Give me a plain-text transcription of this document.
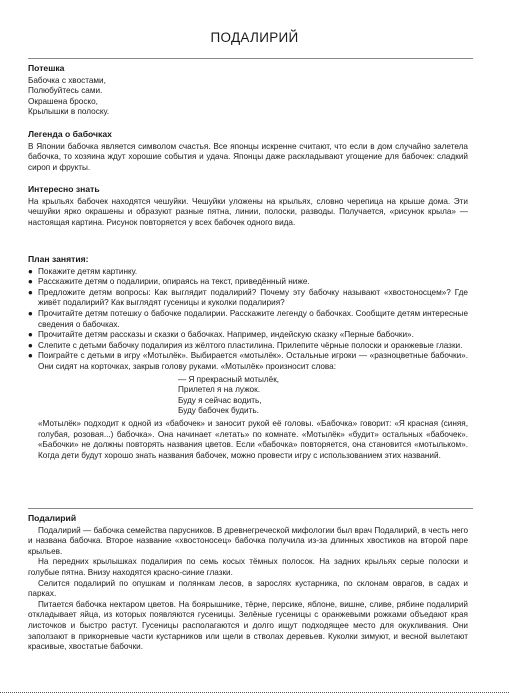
ПОДАЛИРИЙ
Потешка
Бабочка с хвостами,
Полюбуйтесь сами.
Окрашена броско,
Крылышки в полоску.
Легенда о бабочках

В Японии бабочка является символом счастья. Все японцы искренне считают, что если в дом случайно залетела бабочка, то хозяина ждут хорошие события и удача. Японцы даже раскладывают угощение для бабочек: сладкий сироп и фрукты.

Интересно знать

На крыльях бабочек находятся чешуйки. Чешуйки уложены на крыльях, словно черепица на крыше дома. Эти чешуйки ярко окрашены и образуют разные пятна, линии, полоски, разводы. Получается, «рисунок крыла» — настоящая картина. Рисунок повторяется у всех бабочек одного вида.

План занятия:
● Покажите детям картинку.
● Расскажите детям о подалирии, опираясь на текст, приведённый ниже.
● Предложите детям вопросы: Как выглядит подалирий? Почему эту бабочку называют «хвостоносцем»? Где живёт подалирий? Как выглядят гусеницы и куколки подалирия?
● Прочитайте детям потешку о бабочке подалирии. Расскажите легенду о бабочках. Сообщите детям интересные сведения о бабочках.
● Прочитайте детям рассказы и сказки о бабочках. Например, индейскую сказку «Перные бабочки».
● Слепите с детьми бабочку подалирия из жёлтого пластилина. Прилепите чёрные полоски и оранжевые глазки.
● Поиграйте с детьми в игру «Мотылёк». Выбирается «мотылёк». Остальные игроки — «разноцветные бабочки». Они сидят на корточках, закрыв голову руками. «Мотылёк» произносит слова:
— Я прекрасный мотылёк,
Прилетел я на лужок.
Буду я сейчас водить,
Буду бабочек будить.
«Мотылёк» подходит к одной из «бабочек» и заносит рукой её головы. «Бабочка» говорит: «Я красная (синяя, голубая, розовая...) бабочка». Она начинает «летать» по комнате. «Мотылёк» «будит» остальных «бабочек». «Бабочки» не должны повторять названия цветов. Если «бабочка» повторяется, она становится «мотыльком». Когда дети будут хорошо знать названия бабочек, можно провести игру с использованием этих названий.
Подалирий

Подалирий — бабочка семейства парусников. В древнегреческой мифологии был врач Подалирий, в честь него и названа бабочка. Второе название «хвостоносец» бабочка получила из-за длинных хвостиков на второй паре крыльев.

На передних крылышках подалирия по семь косых тёмных полосок. На задних крыльях серые полоски и голубые пятна. Внизу находятся красно-синие глазки.

Селится подалирий по опушкам и полянкам лесов, в зарослях кустарника, по склонам оврагов, в садах и парках.

Питается бабочка нектаром цветов. На боярышнике, тёрне, персике, яблоне, вишне, сливе, рябине подалирий откладывает яйца, из которых появляются гусеницы. Зелёные гусеницы с оранжевыми рожками объедают края листочков и быстро растут. Гусеницы располагаются и долго ищут подходящее место для окукливания. Они заползают в прикорневые части кустарников или щели в стволах деревьев. Куколки зимуют, и весной вылетают красивые, хвостатые бабочки.
